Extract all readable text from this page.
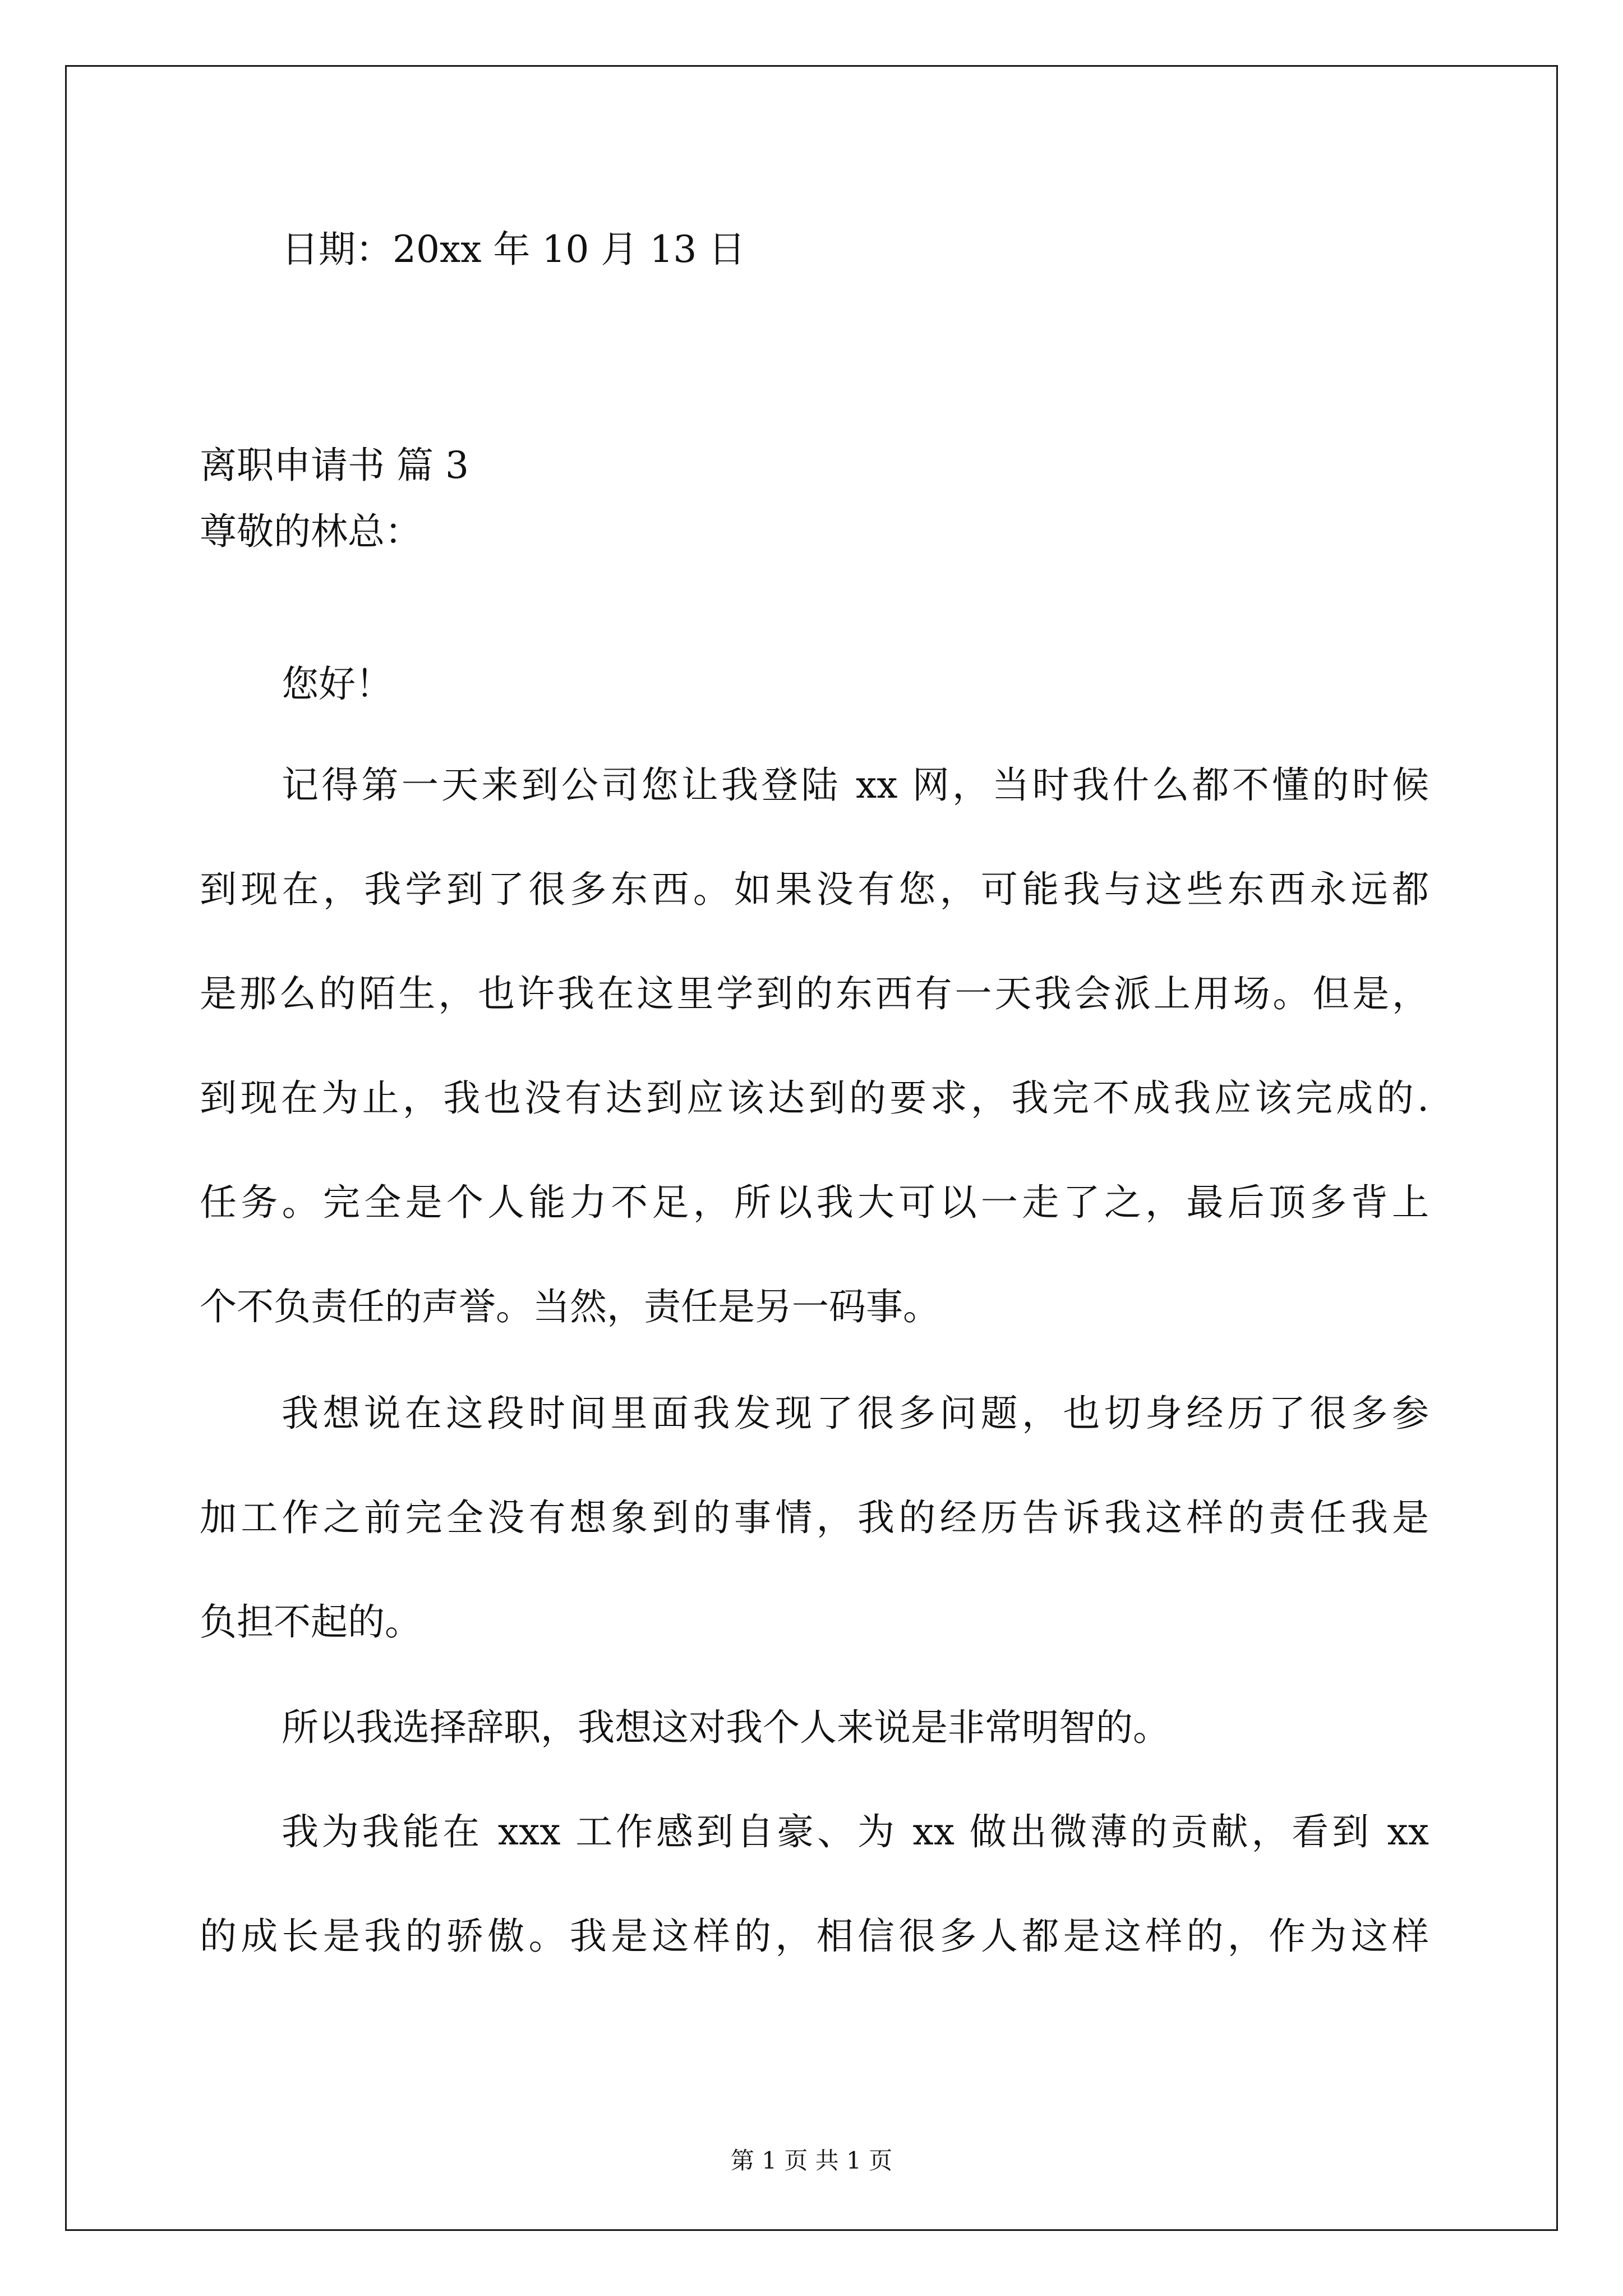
日期：20xx 年 10 月 13 日
离职申请书 篇 3
尊敬的林总：
您好！
记得第一天来到公司您让我登陆 xx 网，当时我什么都不懂的时候
到现在，我学到了很多东西。如果没有您，可能我与这些东西永远都
是那么的陌生，也许我在这里学到的东西有一天我会派上用场。但是，
到现在为止，我也没有达到应该达到的要求，我完不成我应该完成的.
任务。完全是个人能力不足，所以我大可以一走了之，最后顶多背上
个不负责任的声誉。当然，责任是另一码事。
我想说在这段时间里面我发现了很多问题，也切身经历了很多参
加工作之前完全没有想象到的事情，我的经历告诉我这样的责任我是
负担不起的。
所以我选择辞职，我想这对我个人来说是非常明智的。
我为我能在 xxx 工作感到自豪、为 xx 做出微薄的贡献，看到 xx
的成长是我的骄傲。我是这样的，相信很多人都是这样的，作为这样
第 1 页 共 1 页
